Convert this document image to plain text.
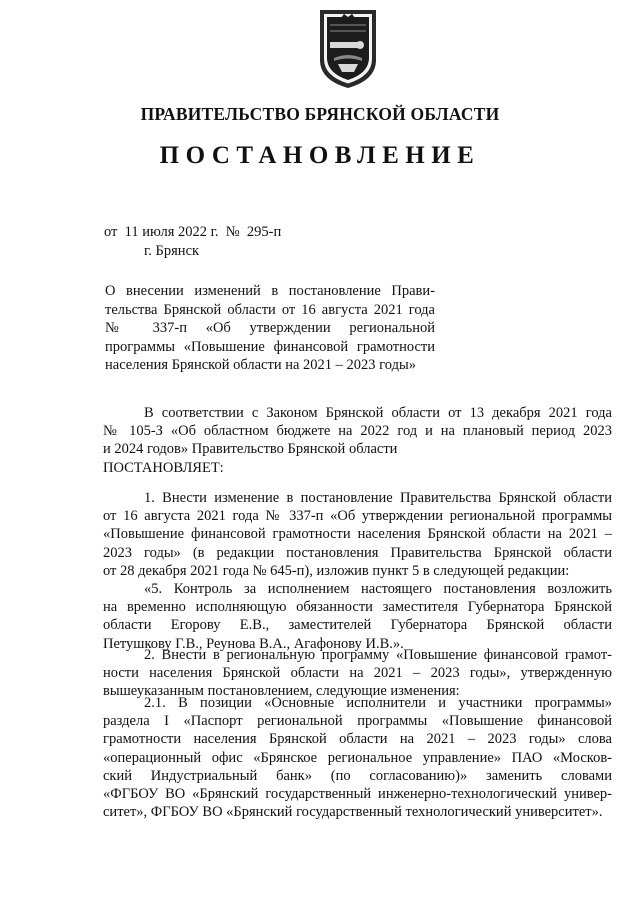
ПРАВИТЕЛЬСТВО БРЯНСКОЙ ОБЛАСТИ
ПОСТАНОВЛЕНИЕ
от  11 июля 2022 г.  №  295-п
г. Брянск
О внесении изменений в постановление Прави-
тельства Брянской области от 16 августа 2021 года
№ 337-п «Об утверждении региональной
программы «Повышение финансовой грамотности
населения Брянской области на 2021 – 2023 годы»
В соответствии с Законом Брянской области от 13 декабря 2021 года
№ 105-З «Об областном бюджете на 2022 год и на плановый период 2023
и 2024 годов» Правительство Брянской области
ПОСТАНОВЛЯЕТ:
1. Внести изменение в постановление Правительства Брянской области
от 16 августа 2021 года № 337-п «Об утверждении региональной программы
«Повышение финансовой грамотности населения Брянской области на 2021 –
2023 годы» (в редакции постановления Правительства Брянской области
от 28 декабря 2021 года № 645-п), изложив пункт 5 в следующей редакции:
«5. Контроль за исполнением настоящего постановления возложить
на временно исполняющую обязанности заместителя Губернатора Брянской
области Егорову Е.В., заместителей Губернатора Брянской области
Петушкову Г.В., Реунова В.А., Агафонову И.В.».
2. Внести в региональную программу «Повышение финансовой грамот-
ности населения Брянской области на 2021 – 2023 годы», утвержденную
вышеуказанным постановлением, следующие изменения:
2.1. В позиции «Основные исполнители и участники программы»
раздела I «Паспорт региональной программы «Повышение финансовой
грамотности населения Брянской области на 2021 – 2023 годы» слова
«операционный офис «Брянское региональное управление» ПАО «Москов-
ский Индустриальный банк» (по согласованию)» заменить словами
«ФГБОУ ВО «Брянский государственный инженерно-технологический универ-
ситет», ФГБОУ ВО «Брянский государственный технологический университет».
